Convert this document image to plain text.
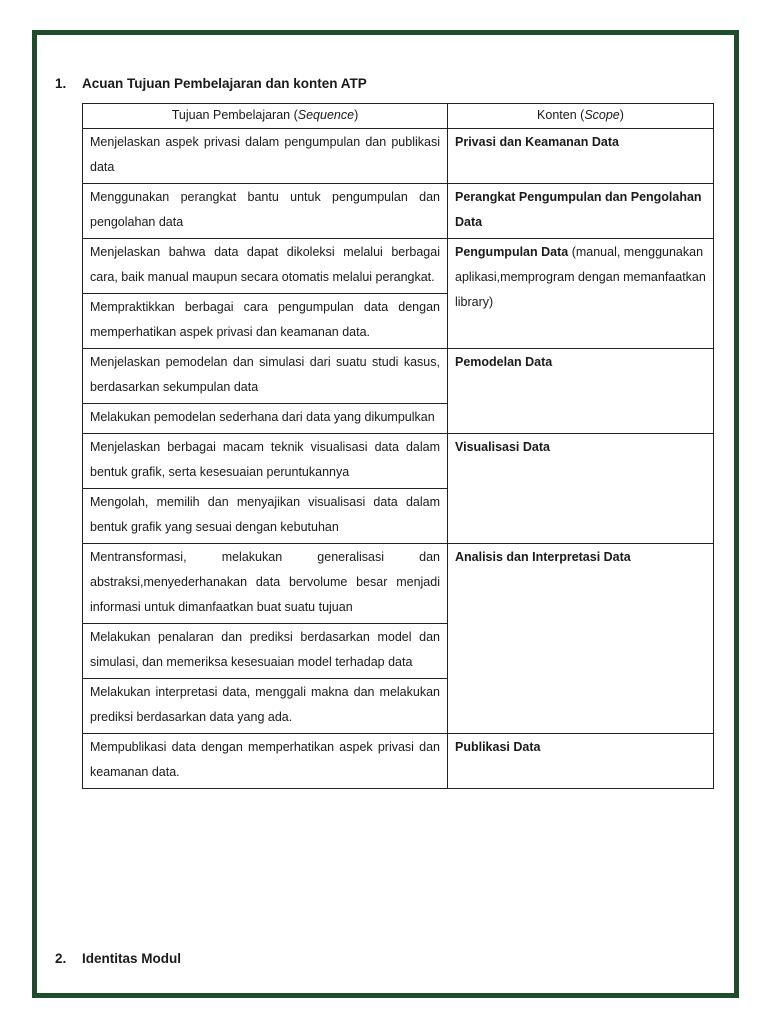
1.	Acuan Tujuan Pembelajaran dan konten ATP
Tujuan Pembelajaran (Sequence)	Konten (Scope)
Menjelaskan aspek privasi dalam pengumpulan dan publikasi data	Privasi dan Keamanan Data
Menggunakan perangkat bantu untuk pengumpulan dan pengolahan data	Perangkat Pengumpulan dan Pengolahan Data
Menjelaskan bahwa data dapat dikoleksi melalui berbagai cara, baik manual maupun secara otomatis melalui perangkat.	Pengumpulan Data (manual, menggunakan aplikasi,memprogram dengan memanfaatkan library)
Mempraktikkan berbagai cara pengumpulan data dengan memperhatikan aspek privasi dan keamanan data.	
Menjelaskan pemodelan dan simulasi dari suatu studi kasus, berdasarkan sekumpulan data	Pemodelan Data
Melakukan pemodelan sederhana dari data yang dikumpulkan	
Menjelaskan berbagai macam teknik visualisasi data dalam bentuk grafik, serta kesesuaian peruntukannya	Visualisasi Data
Mengolah, memilih dan menyajikan visualisasi data dalam bentuk grafik yang sesuai dengan kebutuhan	
Mentransformasi, melakukan generalisasi dan abstraksi,menyederhanakan data bervolume besar menjadi informasi untuk dimanfaatkan buat suatu tujuan	Analisis dan Interpretasi Data
Melakukan penalaran dan prediksi berdasarkan model dan simulasi, dan memeriksa kesesuaian model terhadap data	
Melakukan interpretasi data, menggali makna dan melakukan prediksi berdasarkan data yang ada.	
Mempublikasi data dengan memperhatikan aspek privasi dan keamanan data.	Publikasi Data
2.	Identitas Modul
